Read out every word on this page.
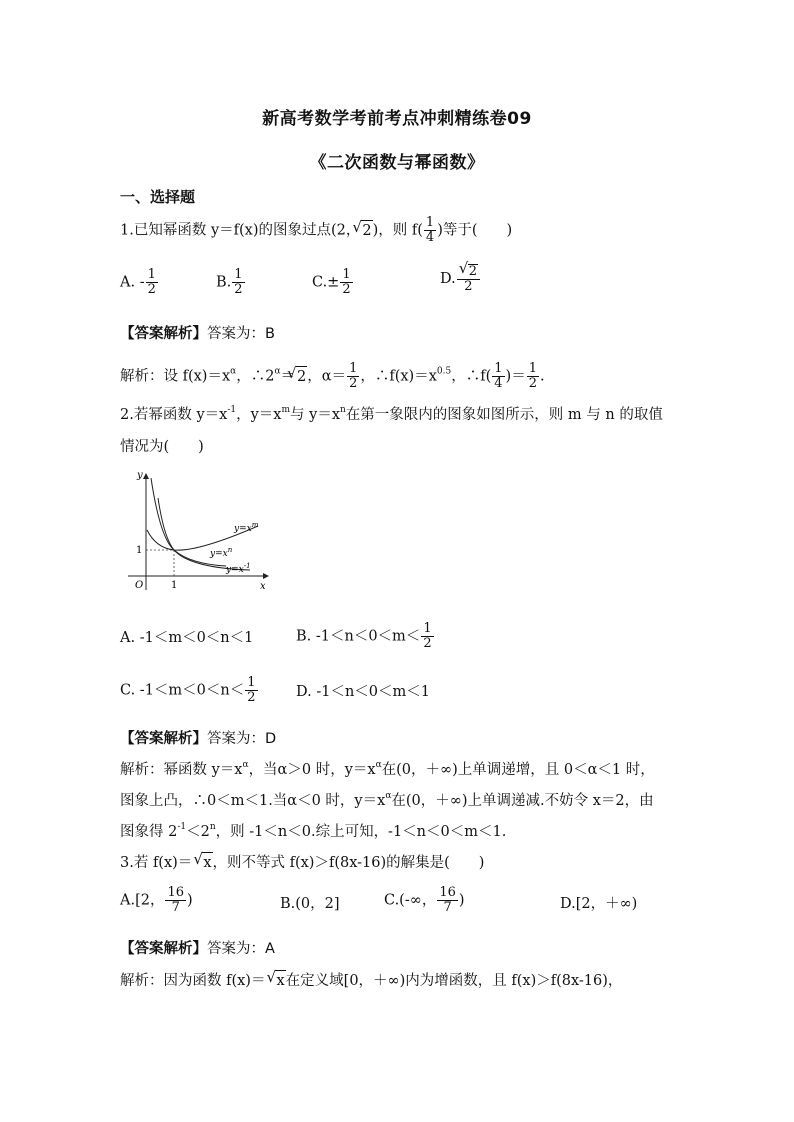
新高考数学考前考点冲刺精练卷09
《二次函数与幂函数》
一、选择题
1.已知幂函数 y＝f(x)的图象过点(2，√ 2)，则 $f( \frac{1}{4}$ )等于(　　)
A. - $\frac{1}{2}$	B. $\frac{1}{2}$	$C.\pm \frac{1}{2}$	D.
√ $\frac{2}{2}$
【答案解析】答案为：B
解析：设 $f(x)=x^\alpha$，$\therefore 2^\alpha=√$ 2，$\alpha= \frac{1}{2}$ ，$\therefore f(x)=x^{0.5}$，∴f( $\frac{1}{4}$ )＝ $\frac{1}{2}$ .
2.若幂函数 $y=x^{-1}$，$y=x^m$与 $y=x^n$在第一象限内的图象如图所示，则 m 与 n 的取值
情况为(　　)
y
x
O	1
1
$y=x^m$
$y=x^n$
$y=x^{-1}$
A. -1＜m＜0＜n＜1	B. $-1<n<0<m< \frac{1}{2}$
C. $-1<m<0<n< \frac{1}{2}$	D. -1＜n＜0＜m＜1
【答案解析】答案为：D
解析：幂函数 $y=x^\alpha$，当α＞0 时，$y=x^\alpha$在(0，＋∞)上单调递增，且 0＜α＜1 时，
图象上凸，∴0＜m＜1.当α＜0 时，$y=x^\alpha$在(0，＋∞)上单调递减.不妨令 x＝2，由
图象得 $2^{-1}<2^n$，则 -1＜n＜0.综上可知，-1＜n＜0＜m＜1.
3.若 f(x)＝√ x，则不等式 f(x)＞f(8x-16)的解集是(　　)
A.[2， $\frac{16}{7}$ )	B.(0，2]	C.(-∞， $\frac{16}{7}$ )	D.[2，＋∞)
【答案解析】答案为：A
解析：因为函数 f(x)＝√ x在定义域[0，＋∞)内为增函数，且 f(x)＞f(8x-16)，
